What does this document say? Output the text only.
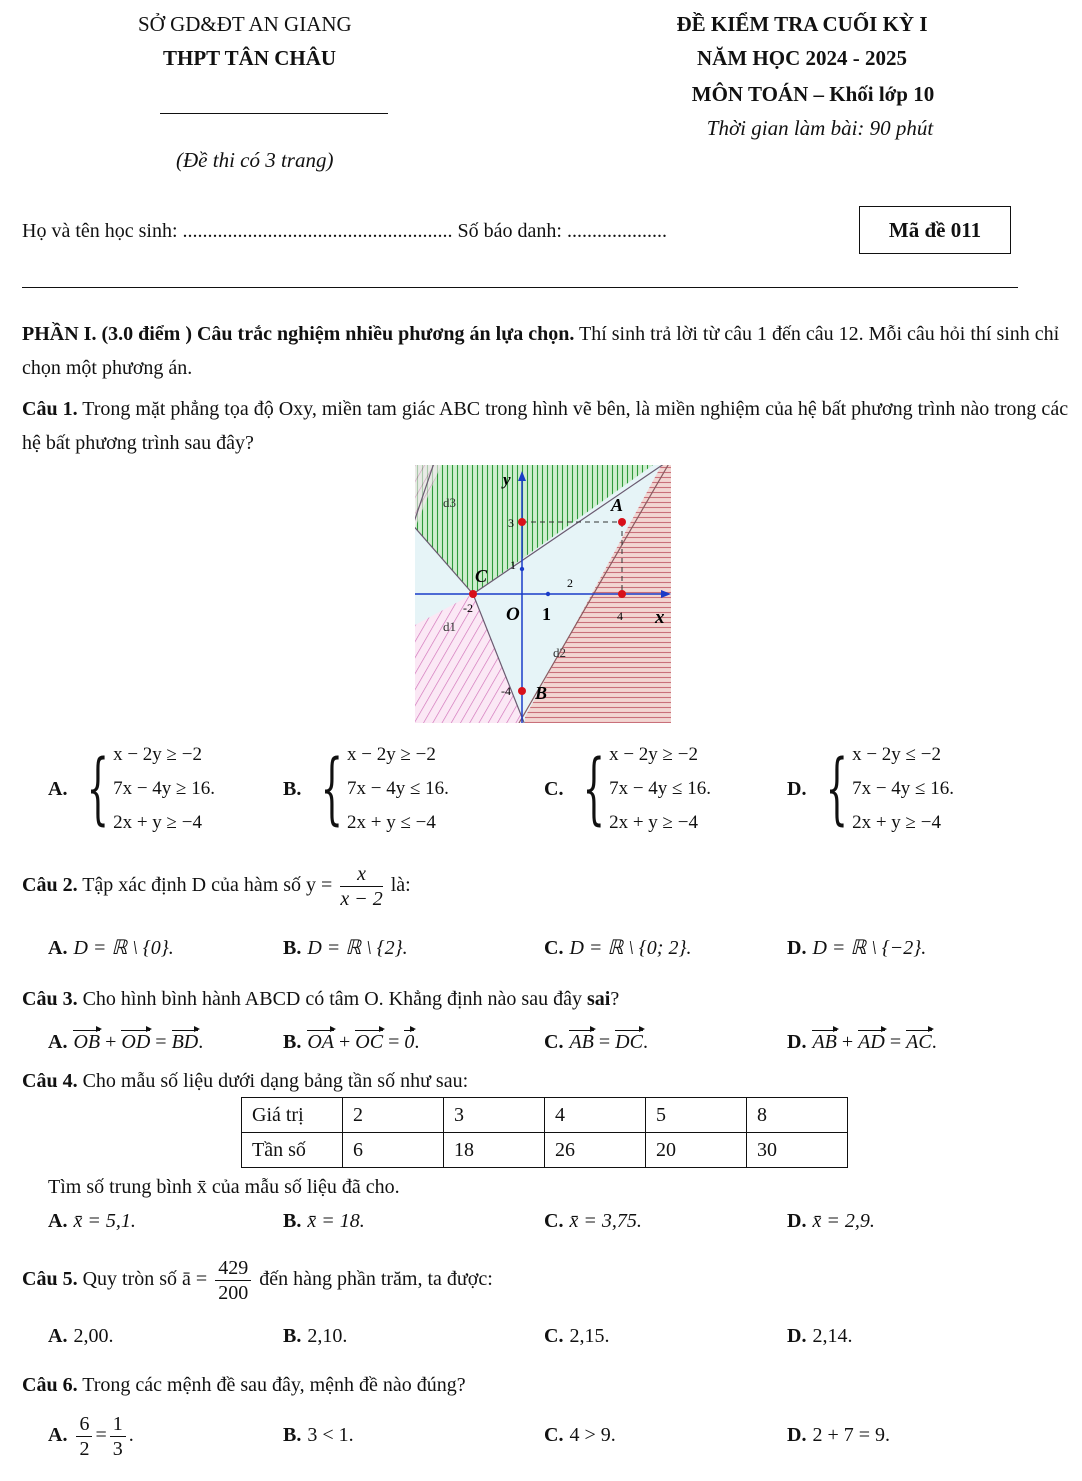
SỞ GD&ĐT AN GIANG
THPT TÂN CHÂU
(Đề thi có 3 trang)
ĐỀ KIỂM TRA CUỐI KỲ I
NĂM HỌC 2024 - 2025
MÔN TOÁN – Khối lớp 10
Thời gian làm bài: 90 phút
Họ và tên học sinh: ...................................................... Số báo danh: ....................	Mã đề 011
PHẦN I. (3.0 điểm ) Câu trắc nghiệm nhiều phương án lựa chọn. Thí sinh trả lời từ câu 1 đến câu 12. Mỗi câu hỏi thí sinh chỉ chọn một phương án.
Câu 1. Trong mặt phẳng tọa độ Oxy, miền tam giác ABC trong hình vẽ bên, là miền nghiệm của hệ bất phương trình nào trong các hệ bất phương trình sau đây?
y
x
O
A
C
B
d3
d1
d2
3
1
2
1	4
-2
-4
A. { x − 2y ≥ −2
7x − 4y ≥ 16.
2x + y ≥ −4
B. { x − 2y ≥ −2
7x − 4y ≤ 16.
2x + y ≤ −4
C. { x − 2y ≥ −2
7x − 4y ≤ 16.
2x + y ≥ −4
D. { x − 2y ≤ −2
7x − 4y ≤ 16.
2x + y ≥ −4
Câu 2. Tập xác định D của hàm số $y = \frac{x}{x - 2}$ là:
A. D = ℝ \ {0}.	B. D = ℝ \ {2}.	C. D = ℝ \ {0; 2}.	D. D = ℝ \ {−2}.
Câu 3. Cho hình bình hành ABCD có tâm O. Khẳng định nào sau đây sai?
A. OB + OD = BD.	B. OA + OC = 0.	C. AB = DC.	D. AB + AD = AC.
Câu 4. Cho mẫu số liệu dưới dạng bảng tần số như sau:
Giá trị	2	3	4	5	8
Tần số	6	18	26	20	30
Tìm số trung bình x̄ của mẫu số liệu đã cho.
A. x̄ = 5,1.	B. x̄ = 18.	C. x̄ = 3,75.	D. x̄ = 2,9.
Câu 5. Quy tròn số ā = $\frac{429}{200}$ đến hàng phần trăm, ta được:
A. 2,00.	B. 2,10.	C. 2,15.	D. 2,14.
Câu 6. Trong các mệnh đề sau đây, mệnh đề nào đúng?
A. $\frac{6}{2} = \frac{1}{3}$ .	B. 3 < 1.	C. 4 > 9.	D. 2 + 7 = 9.
